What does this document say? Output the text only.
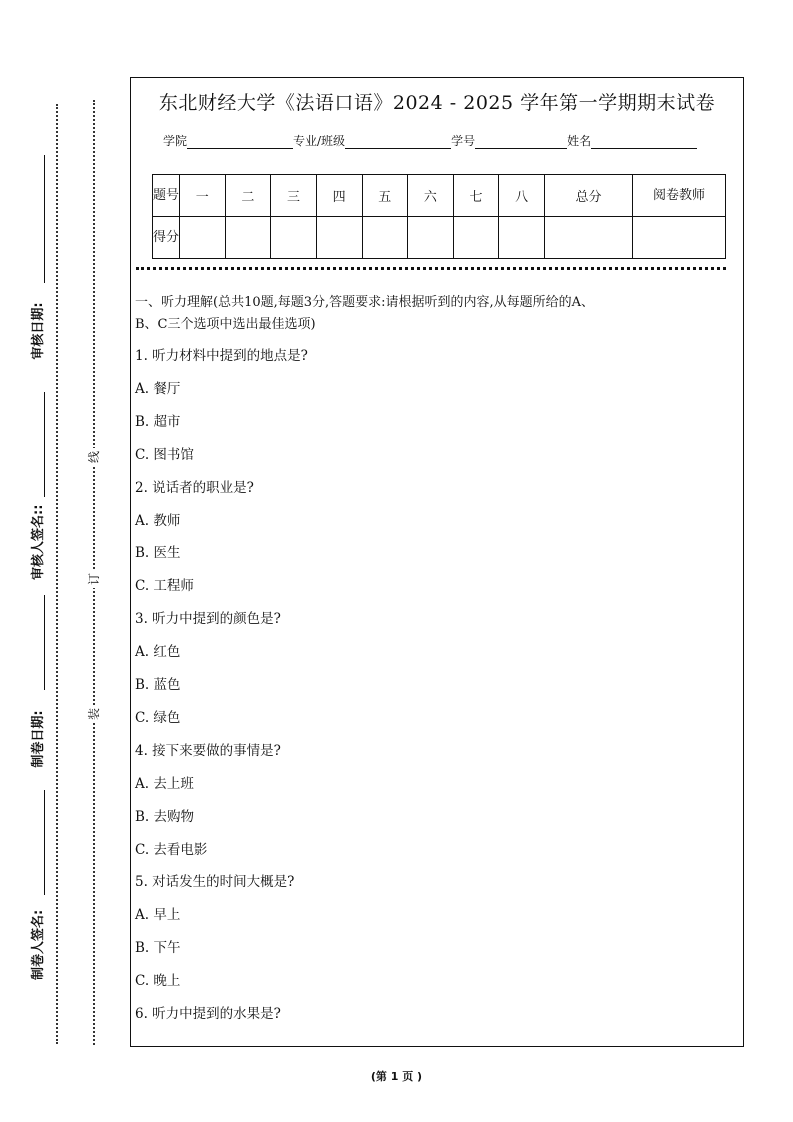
审核日期:
审核人签名::
制卷日期:
制卷人签名:
线
订
装
东北财经大学《法语口语》2024 - 2025 学年第一学期期末试卷
学院	专业/班级	学号	姓名
题号	一	二	三	四	五	六	七	八	总分	阅卷教师
得分										
一、听力理解(总共10题,每题3分,答题要求:请根据听到的内容,从每题所给的A、
B、C三个选项中选出最佳选项)
1. 听力材料中提到的地点是?
A. 餐厅
B. 超市
C. 图书馆
2. 说话者的职业是?
A. 教师
B. 医生
C. 工程师
3. 听力中提到的颜色是?
A. 红色
B. 蓝色
C. 绿色
4. 接下来要做的事情是?
A. 去上班
B. 去购物
C. 去看电影
5. 对话发生的时间大概是?
A. 早上
B. 下午
C. 晚上
6. 听力中提到的水果是?
(第 1 页 )
